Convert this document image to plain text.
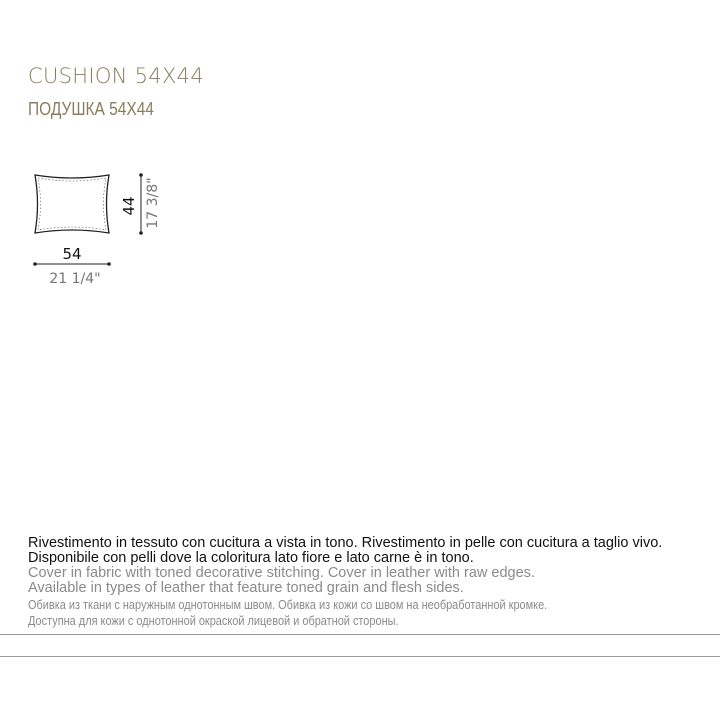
CUSHION 54X44
ПОДУШКА 54X44
54
21 1/4"
44 17 3/8"
Rivestimento in tessuto con cucitura a vista in tono. Rivestimento in pelle con cucitura a taglio vivo.
Disponibile con pelli dove la coloritura lato fiore e lato carne è in tono.
Cover in fabric with toned decorative stitching. Cover in leather with raw edges.
Available in types of leather that feature toned grain and flesh sides.
Обивка из ткани с наружным однотонным швом. Обивка из кожи со швом на необработанной кромке.
Доступна для кожи с однотонной окраской лицевой и обратной стороны.
